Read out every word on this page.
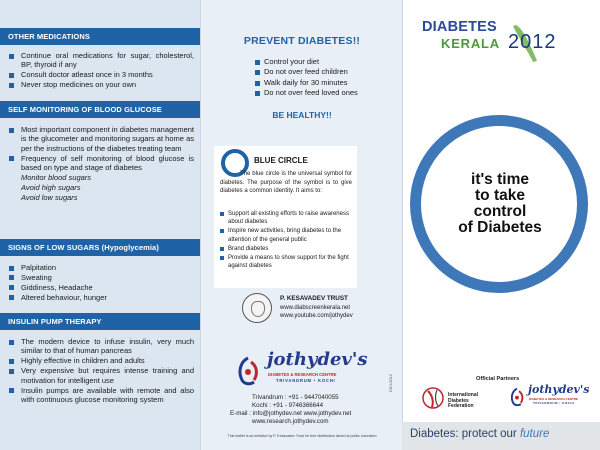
OTHER MEDICATIONS
Continue oral medications for sugar, cholesterol, BP, thyroid if any
Consult doctor atleast once in 3 months
Never stop medicines on your own
SELF MONITORING OF BLOOD GLUCOSE
Most important component in diabetes management is the glucometer and monitoring sugars at home as per the instructions of the diabetes treating team
Frequency of self monitoring of blood glucose is based on type and stage of diabetes
Monitor blood sugars
Avoid high sugars
Avoid low sugars
SIGNS OF LOW SUGARS (Hypoglycemia)
Palpitation
Sweating
Giddiness, Headache
Altered behaviour, hunger
INSULIN PUMP THERAPY
The modern device to infuse insulin, very much similar to that of human pancreas
Highly effective in children and adults
Very expensive but requires intense training and motivation for intelligent use
Insulin pumps are available with remote and also with continuous glucose monitoring system
PREVENT DIABETES!!
Control your diet
Do not over feed children
Walk daily for 30 minutes
Do not over feed loved ones
BE HEALTHY!!
BLUE CIRCLE
The blue circle is the universal symbol for diabetes. The purpose of the symbol is to give diabetes a common identity. It aims to:
Support all existing efforts to raise awareness about diabetes
Inspire new activities, bring diabetes to the attention of the general public
Brand diabetes
Provide a means to show support for the fight against diabetes
P. KESAVADEV TRUST
www.diabscreenkerala.net
www.youtube.com/jothydev
jothydev's
DIABETES & RESEARCH CENTRE
TRIVANDRUM • KOCHI
Trivandrum : +91 - 9447040055
Kochi : +91 - 9746366644
E-mail : info@jothydev.net www.jothydev.net
www.research.jothydev.com
This leaflet is an initiative by P. Kesavadev Trust for free distribution aimed at public education
DS/1/2012
DIABETES
KERALA 2012
it's time
to take
control
of Diabetes
Official Partners
International
Diabetes
Federation
jothydev's
DIABETES & RESEARCH CENTRE
TRIVANDRUM • KOCHI
Diabetes: protect our future
